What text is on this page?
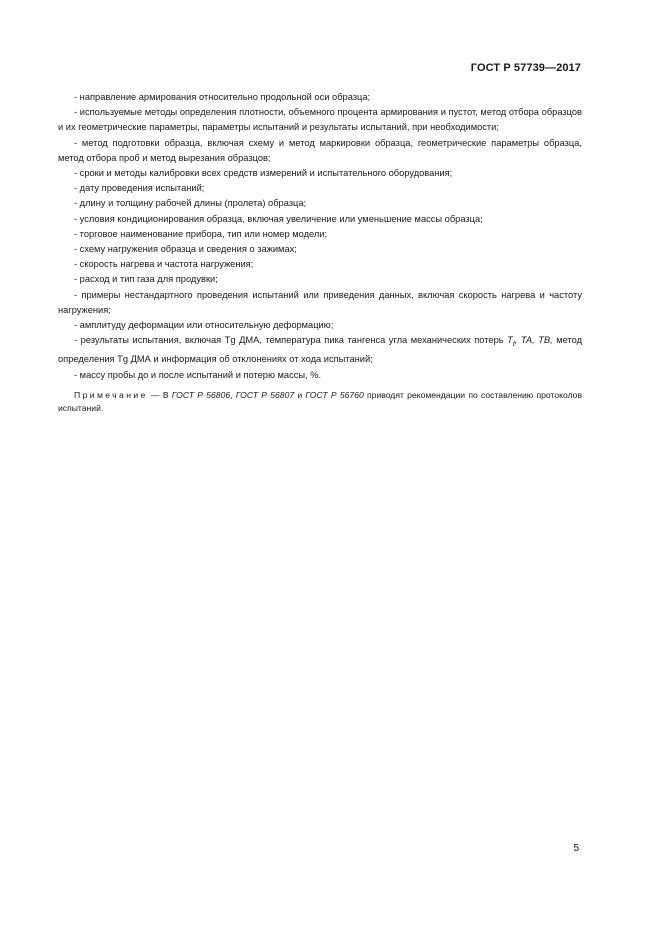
ГОСТ Р 57739—2017

- направление армирования относительно продольной оси образца;

- используемые методы определения плотности, объемного процента армирования и пустот, метод отбора образцов и их геометрические параметры, параметры испытаний и результаты испытаний, при необходимости;

- метод подготовки образца, включая схему и метод маркировки образца, геометрические параметры образца, метод отбора проб и метод вырезания образцов;

- сроки и методы калибровки всех средств измерений и испытательного оборудования;

- дату проведения испытаний;

- длину и толщину рабочей длины (пролета) образца;

- условия кондиционирования образца, включая увеличение или уменьшение массы образца;

- торговое наименование прибора, тип или номер модели;

- схему нагружения образца и сведения о зажимах;

- скорость нагрева и частота нагружения;

- расход и тип газа для продувки;

- примеры нестандартного проведения испытаний или приведения данных, включая скорость нагрева и частоту нагружения;

- амплитуду деформации или относительную деформацию;

- результаты испытания, включая Tg ДМА, температура пика тангенса угла механических потерь $T_t$, TA, TB, метод определения Tg ДМА и информация об отклонениях от хода испытаний;

- массу пробы до и после испытаний и потерю массы, %.

Примечание — В ГОСТ Р 56806, ГОСТ Р 56807 и ГОСТ Р 56760 приводят рекомендации по составлению протоколов испытаний.

5
